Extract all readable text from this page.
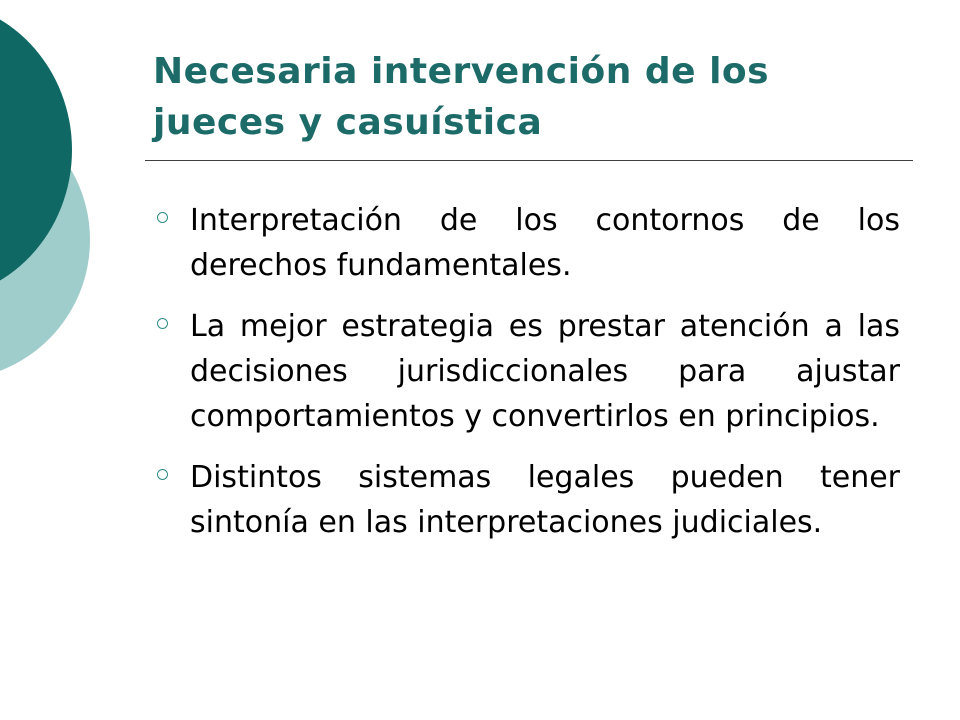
Necesaria intervención de los jueces y casuística
Interpretación de los contornos de los derechos fundamentales.
La mejor estrategia es prestar atención a las decisiones jurisdiccionales para ajustar comportamientos y convertirlos en principios.
Distintos sistemas legales pueden tener sintonía en las interpretaciones judiciales.
